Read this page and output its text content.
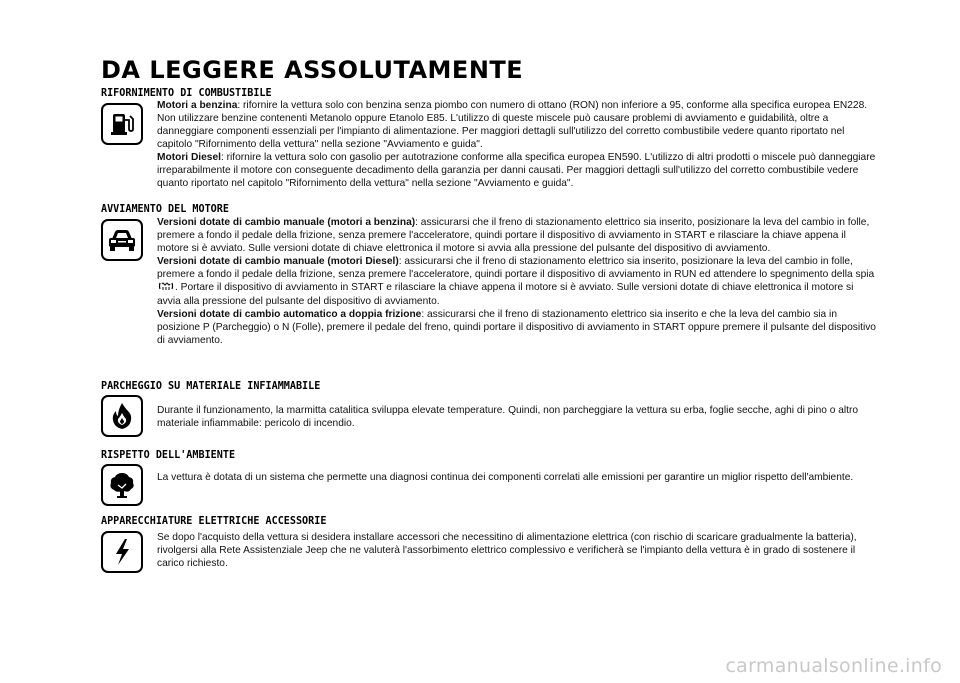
DA LEGGERE ASSOLUTAMENTE
RIFORNIMENTO DI COMBUSTIBILE

Motori a benzina: rifornire la vettura solo con benzina senza piombo con numero di ottano (RON) non inferiore a 95, conforme alla specifica europea EN228. Non utilizzare benzine contenenti Metanolo oppure Etanolo E85. L'utilizzo di queste miscele può causare problemi di avviamento e guidabilità, oltre a danneggiare componenti essenziali per l'impianto di alimentazione. Per maggiori dettagli sull'utilizzo del corretto combustibile vedere quanto riportato nel capitolo "Rifornimento della vettura" nella sezione "Avviamento e guida".

Motori Diesel: rifornire la vettura solo con gasolio per autotrazione conforme alla specifica europea EN590. L'utilizzo di altri prodotti o miscele può danneggiare irreparabilmente il motore con conseguente decadimento della garanzia per danni causati. Per maggiori dettagli sull'utilizzo del corretto combustibile vedere quanto riportato nel capitolo "Rifornimento della vettura" nella sezione "Avviamento e guida".

AVVIAMENTO DEL MOTORE

Versioni dotate di cambio manuale (motori a benzina): assicurarsi che il freno di stazionamento elettrico sia inserito, posizionare la leva del cambio in folle, premere a fondo il pedale della frizione, senza premere l'acceleratore, quindi portare il dispositivo di avviamento in START e rilasciare la chiave appena il motore si è avviato. Sulle versioni dotate di chiave elettronica il motore si avvia alla pressione del pulsante del dispositivo di avviamento.

Versioni dotate di cambio manuale (motori Diesel): assicurarsi che il freno di stazionamento elettrico sia inserito, posizionare la leva del cambio in folle, premere a fondo il pedale della frizione, senza premere l'acceleratore, quindi portare il dispositivo di avviamento in RUN ed attendere lo spegnimento della spia . Portare il dispositivo di avviamento in START e rilasciare la chiave appena il motore si è avviato. Sulle versioni dotate di chiave elettronica il motore si avvia alla pressione del pulsante del dispositivo di avviamento.

Versioni dotate di cambio automatico a doppia frizione: assicurarsi che il freno di stazionamento elettrico sia inserito e che la leva del cambio sia in posizione P (Parcheggio) o N (Folle), premere il pedale del freno, quindi portare il dispositivo di avviamento in START oppure premere il pulsante del dispositivo di avviamento.

PARCHEGGIO SU MATERIALE INFIAMMABILE

Durante il funzionamento, la marmitta catalitica sviluppa elevate temperature. Quindi, non parcheggiare la vettura su erba, foglie secche, aghi di pino o altro materiale infiammabile: pericolo di incendio.

RISPETTO DELL'AMBIENTE

La vettura è dotata di un sistema che permette una diagnosi continua dei componenti correlati alle emissioni per garantire un miglior rispetto dell'ambiente.

APPARECCHIATURE ELETTRICHE ACCESSORIE

Se dopo l'acquisto della vettura si desidera installare accessori che necessitino di alimentazione elettrica (con rischio di scaricare gradualmente la batteria), rivolgersi alla Rete Assistenziale Jeep che ne valuterà l'assorbimento elettrico complessivo e verificherà se l'impianto della vettura è in grado di sostenere il carico richiesto.

carmanualsonline.info
